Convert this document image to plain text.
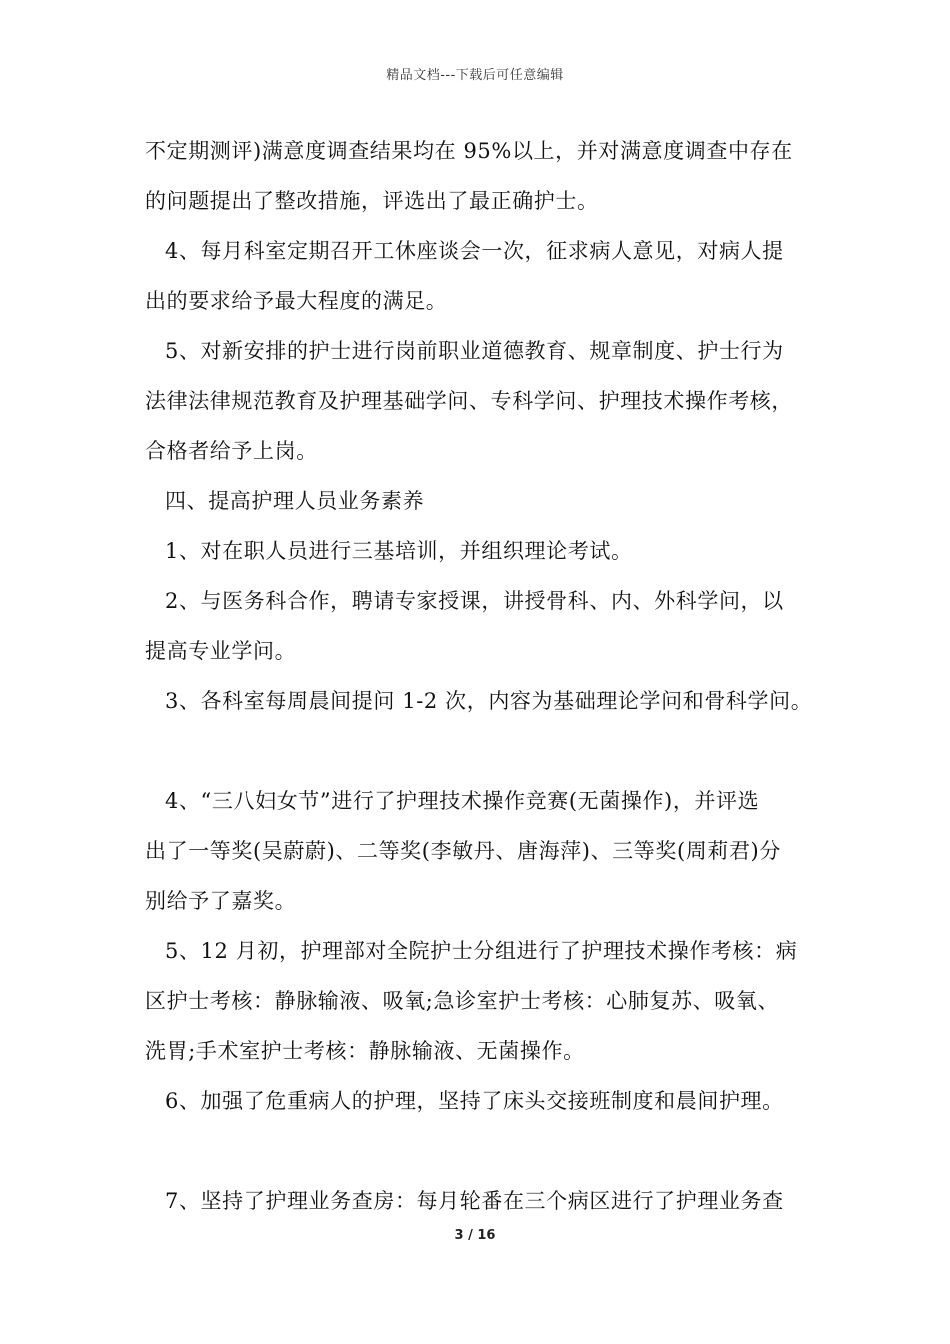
精品文档---下载后可任意编辑
不定期测评)满意度调查结果均在 95%以上，并对满意度调查中存在
的问题提出了整改措施，评选出了最正确护士。
4、每月科室定期召开工休座谈会一次，征求病人意见，对病人提
出的要求给予最大程度的满足。
5、对新安排的护士进行岗前职业道德教育、规章制度、护士行为
法律法律规范教育及护理基础学问、专科学问、护理技术操作考核，
合格者给予上岗。
四、提高护理人员业务素养
1、对在职人员进行三基培训，并组织理论考试。
2、与医务科合作，聘请专家授课，讲授骨科、内、外科学问，以
提高专业学问。
3、各科室每周晨间提问 1-2 次，内容为基础理论学问和骨科学问。
4、“三八妇女节”进行了护理技术操作竞赛(无菌操作)，并评选
出了一等奖(吴蔚蔚)、二等奖(李敏丹、唐海萍)、三等奖(周莉君)分
别给予了嘉奖。
5、12 月初，护理部对全院护士分组进行了护理技术操作考核：病
区护士考核：静脉输液、吸氧;急诊室护士考核：心肺复苏、吸氧、
洗胃;手术室护士考核：静脉输液、无菌操作。
6、加强了危重病人的护理，坚持了床头交接班制度和晨间护理。
7、坚持了护理业务查房：每月轮番在三个病区进行了护理业务查
3 / 16
